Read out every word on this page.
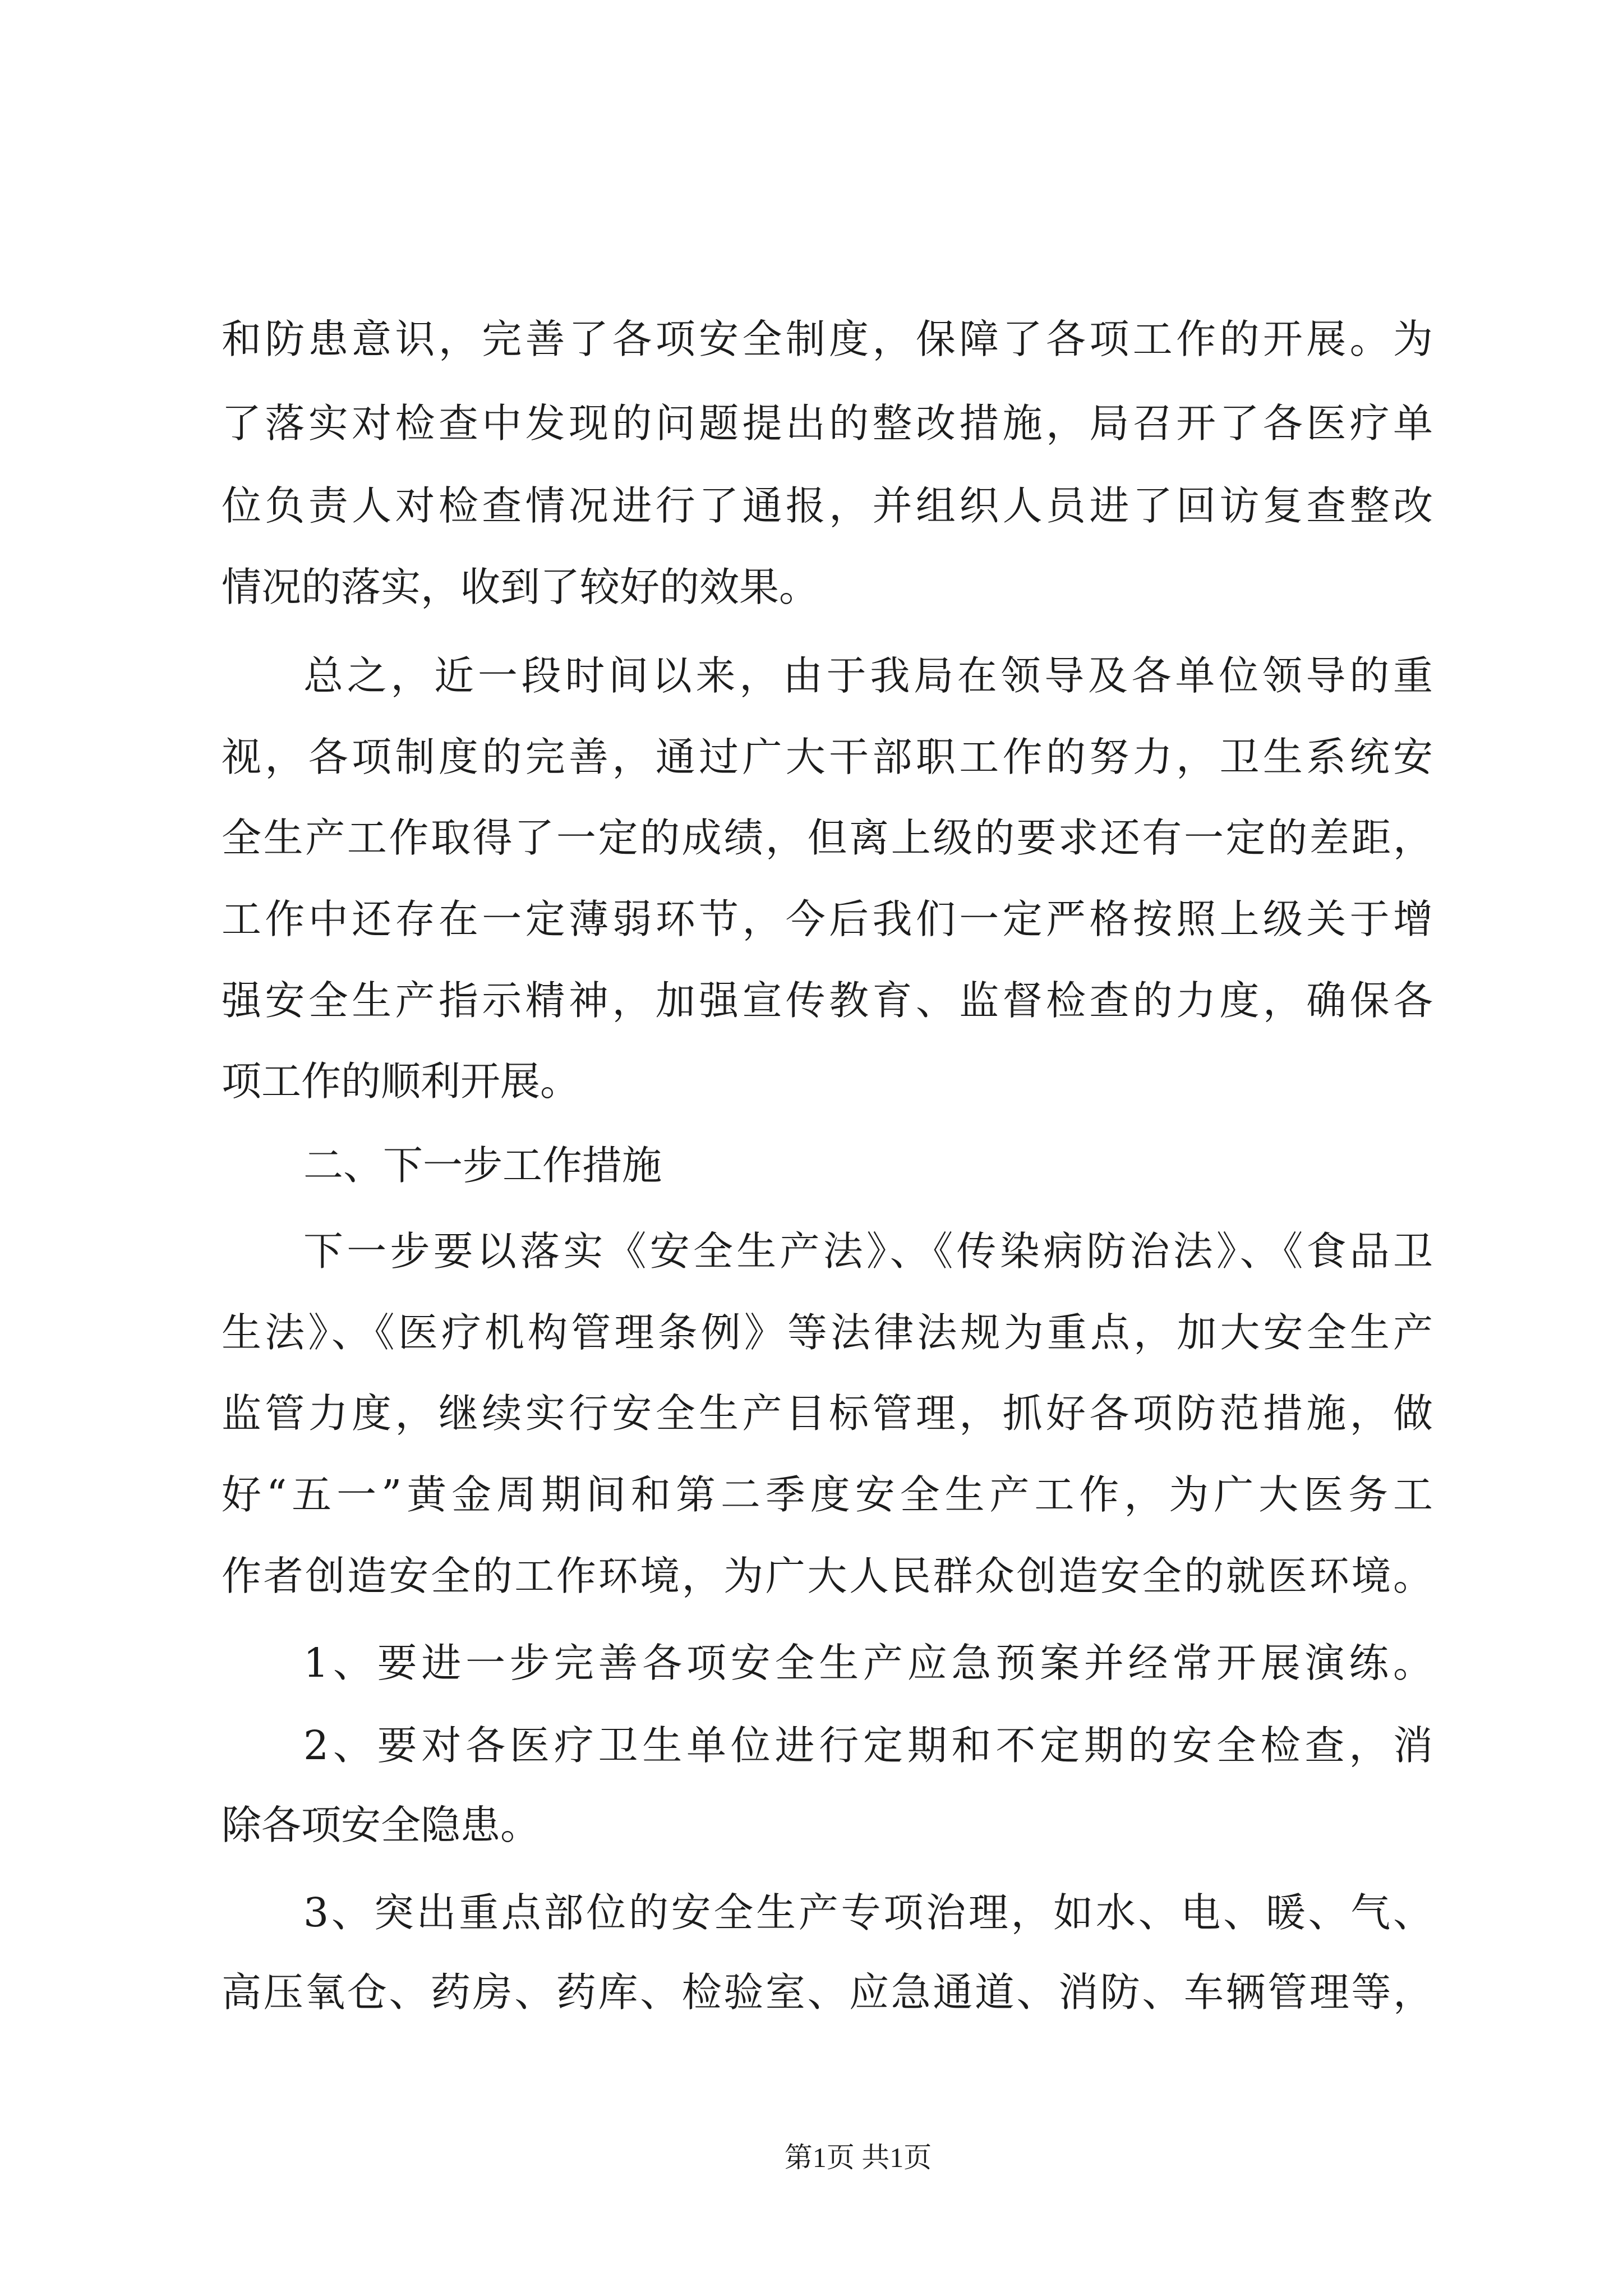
和防患意识，完善了各项安全制度，保障了各项工作的开展。为
了落实对检查中发现的问题提出的整改措施，局召开了各医疗单
位负责人对检查情况进行了通报，并组织人员进了回访复查整改
情况的落实，收到了较好的效果。
总之，近一段时间以来，由于我局在领导及各单位领导的重
视，各项制度的完善，通过广大干部职工作的努力，卫生系统安
全生产工作取得了一定的成绩，但离上级的要求还有一定的差距，
工作中还存在一定薄弱环节，今后我们一定严格按照上级关于增
强安全生产指示精神，加强宣传教育、监督检查的力度，确保各
项工作的顺利开展。
二、下一步工作措施
下一步要以落实《安全生产法》、《传染病防治法》、《食品卫
生法》、《医疗机构管理条例》等法律法规为重点，加大安全生产
监管力度，继续实行安全生产目标管理，抓好各项防范措施，做
好“五一”黄金周期间和第二季度安全生产工作，为广大医务工
作者创造安全的工作环境，为广大人民群众创造安全的就医环境。
1、要进一步完善各项安全生产应急预案并经常开展演练。
2、要对各医疗卫生单位进行定期和不定期的安全检查，消
除各项安全隐患。
3、突出重点部位的安全生产专项治理，如水、电、暖、气、
高压氧仓、药房、药库、检验室、应急通道、消防、车辆管理等，
第1页 共1页
